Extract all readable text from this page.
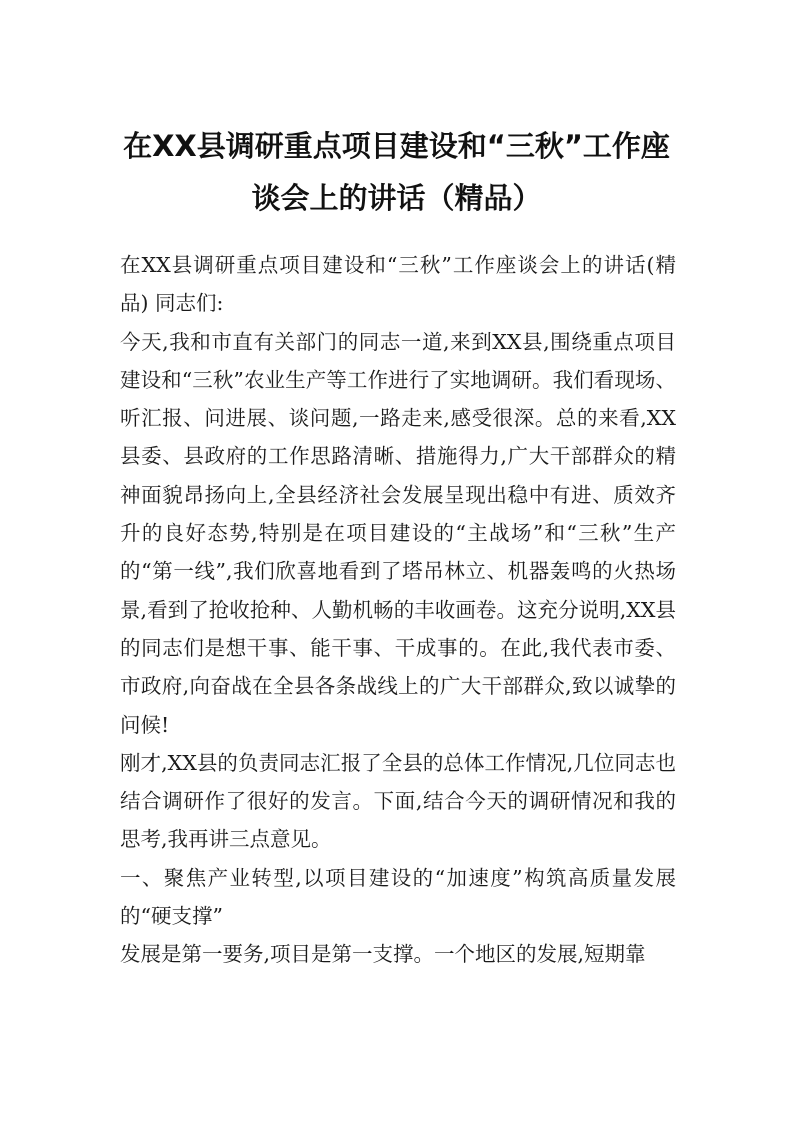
在XX县调研重点项目建设和“三秋”工作座谈会上的讲话（精品）

在XX县调研重点项目建设和“三秋”工作座谈会上的讲话(精品) 同志们:

今天,我和市直有关部门的同志一道,来到XX县,围绕重点项目建设和“三秋”农业生产等工作进行了实地调研。我们看现场、听汇报、问进展、谈问题,一路走来,感受很深。总的来看,XX县委、县政府的工作思路清晰、措施得力,广大干部群众的精神面貌昂扬向上,全县经济社会发展呈现出稳中有进、质效齐升的良好态势,特别是在项目建设的“主战场”和“三秋”生产的“第一线”,我们欣喜地看到了塔吊林立、机器轰鸣的火热场景,看到了抢收抢种、人勤机畅的丰收画卷。这充分说明,XX县的同志们是想干事、能干事、干成事的。在此,我代表市委、市政府,向奋战在全县各条战线上的广大干部群众,致以诚挚的问候!

刚才,XX县的负责同志汇报了全县的总体工作情况,几位同志也结合调研作了很好的发言。下面,结合今天的调研情况和我的思考,我再讲三点意见。

一、聚焦产业转型,以项目建设的“加速度”构筑高质量发展的“硬支撑”

发展是第一要务,项目是第一支撑。一个地区的发展,短期靠
